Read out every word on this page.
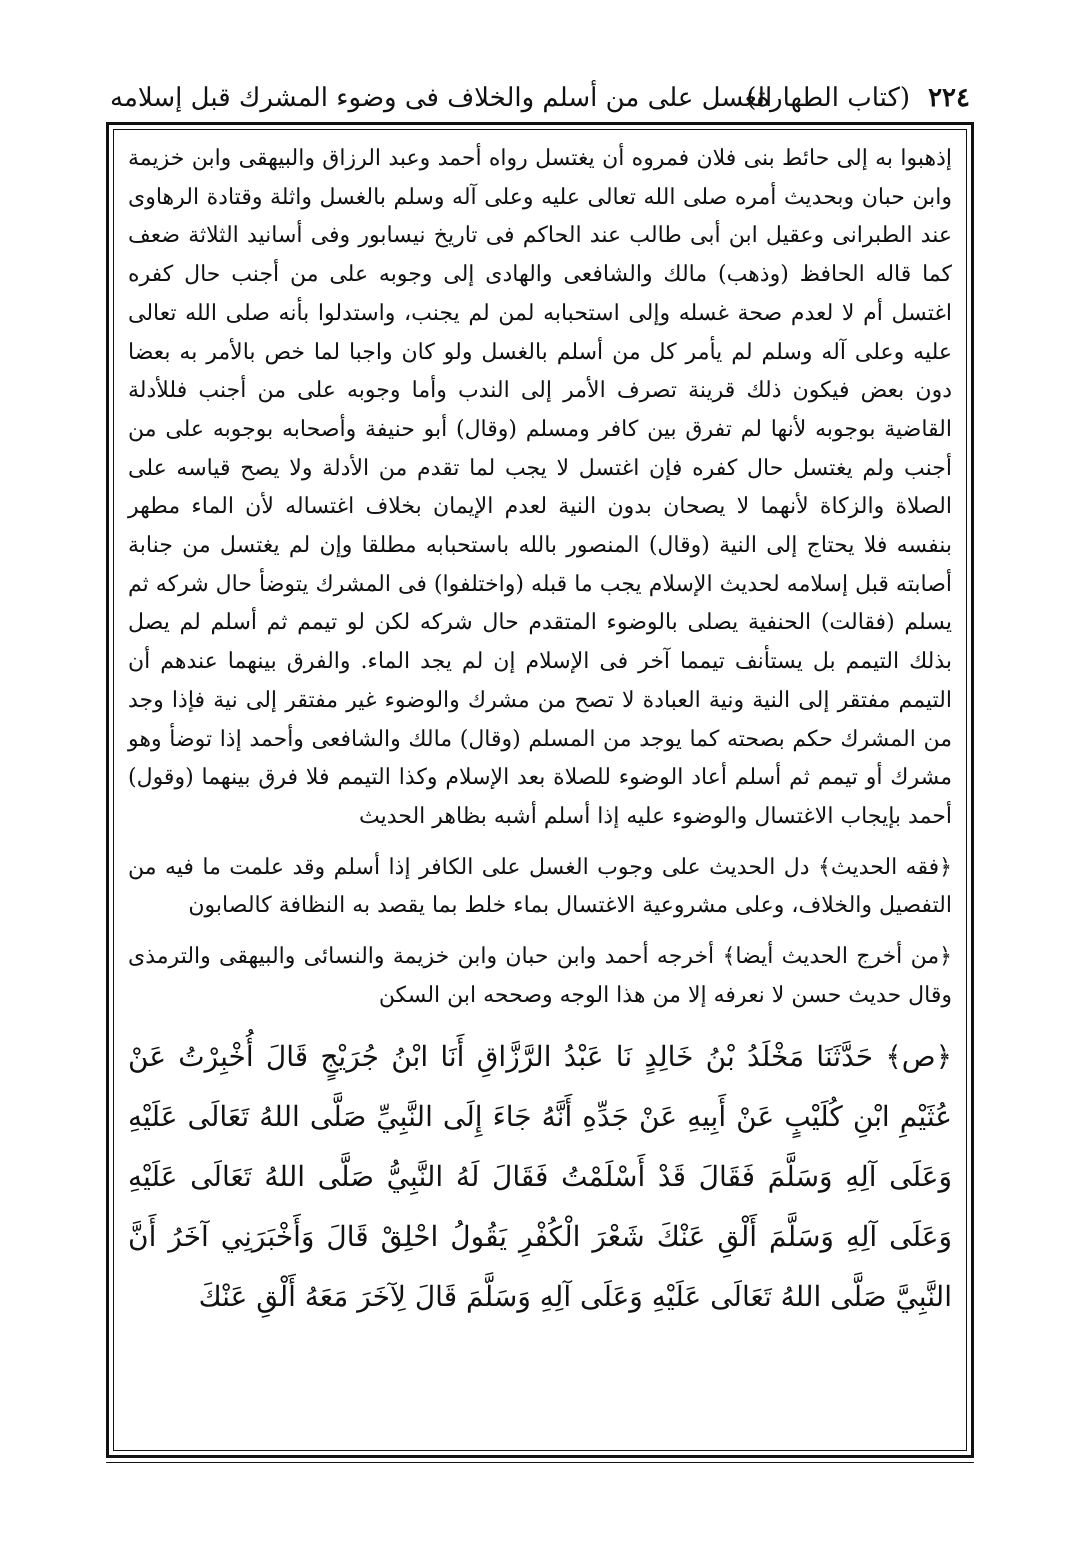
٢٢٤
(كتاب الطهارة)
الغسل على من أسلم والخلاف فى وضوء المشرك قبل إسلامه

إذهبوا به إلى حائط بنى فلان فمروه أن يغتسل رواه أحمد وعبد الرزاق والبيهقى وابن خزيمة وابن حبان وبحديث أمره صلى الله تعالى عليه وعلى آله وسلم بالغسل واثلة وقتادة الرهاوى عند الطبرانى وعقيل ابن أبى طالب عند الحاكم فى تاريخ نيسابور وفى أسانيد الثلاثة ضعف كما قاله الحافظ (وذهب) مالك والشافعى والهادى إلى وجوبه على من أجنب حال كفره اغتسل أم لا لعدم صحة غسله وإلى استحبابه لمن لم يجنب، واستدلوا بأنه صلى الله تعالى عليه وعلى آله وسلم لم يأمر كل من أسلم بالغسل ولو كان واجبا لما خص بالأمر به بعضا دون بعض فيكون ذلك قرينة تصرف الأمر إلى الندب وأما وجوبه على من أجنب فللأدلة القاضية بوجوبه لأنها لم تفرق بين كافر ومسلم (وقال) أبو حنيفة وأصحابه بوجوبه على من أجنب ولم يغتسل حال كفره فإن اغتسل لا يجب لما تقدم من الأدلة ولا يصح قياسه على الصلاة والزكاة لأنهما لا يصحان بدون النية لعدم الإيمان بخلاف اغتساله لأن الماء مطهر بنفسه فلا يحتاج إلى النية (وقال) المنصور بالله باستحبابه مطلقا وإن لم يغتسل من جنابة أصابته قبل إسلامه لحديث الإسلام يجب ما قبله (واختلفوا) فى المشرك يتوضأ حال شركه ثم يسلم (فقالت) الحنفية يصلى بالوضوء المتقدم حال شركه لكن لو تيمم ثم أسلم لم يصل بذلك التيمم بل يستأنف تيمما آخر فى الإسلام إن لم يجد الماء. والفرق بينهما عندهم أن التيمم مفتقر إلى النية ونية العبادة لا تصح من مشرك والوضوء غير مفتقر إلى نية فإذا وجد من المشرك حكم بصحته كما يوجد من المسلم (وقال) مالك والشافعى وأحمد إذا توضأ وهو مشرك أو تيمم ثم أسلم أعاد الوضوء للصلاة بعد الإسلام وكذا التيمم فلا فرق بينهما (وقول) أحمد بإيجاب الاغتسال والوضوء عليه إذا أسلم أشبه بظاهر الحديث

﴿فقه الحديث﴾ دل الحديث على وجوب الغسل على الكافر إذا أسلم وقد علمت ما فيه من التفصيل والخلاف، وعلى مشروعية الاغتسال بماء خلط بما يقصد به النظافة كالصابون

﴿من أخرج الحديث أيضا﴾ أخرجه أحمد وابن حبان وابن خزيمة والنسائى والبيهقى والترمذى وقال حديث حسن لا نعرفه إلا من هذا الوجه وصححه ابن السكن

﴿ص﴾ حَدَّثَنَا مَخْلَدُ بْنُ خَالِدٍ نَا عَبْدُ الرَّزَّاقِ أَنَا ابْنُ جُرَيْجٍ قَالَ أُخْبِرْتُ عَنْ عُثَيْمِ ابْنِ كُلَيْبٍ عَنْ أَبِيهِ عَنْ جَدِّهِ أَنَّهُ جَاءَ إِلَى النَّبِيِّ صَلَّى اللهُ تَعَالَى عَلَيْهِ وَعَلَى آلِهِ وَسَلَّمَ فَقَالَ قَدْ أَسْلَمْتُ فَقَالَ لَهُ النَّبِيُّ صَلَّى اللهُ تَعَالَى عَلَيْهِ وَعَلَى آلِهِ وَسَلَّمَ أَلْقِ عَنْكَ شَعْرَ الْكُفْرِ يَقُولُ احْلِقْ قَالَ وَأَخْبَرَنِي آخَرُ أَنَّ النَّبِيَّ صَلَّى اللهُ تَعَالَى عَلَيْهِ وَعَلَى آلِهِ وَسَلَّمَ قَالَ لِآخَرَ مَعَهُ أَلْقِ عَنْكَ
